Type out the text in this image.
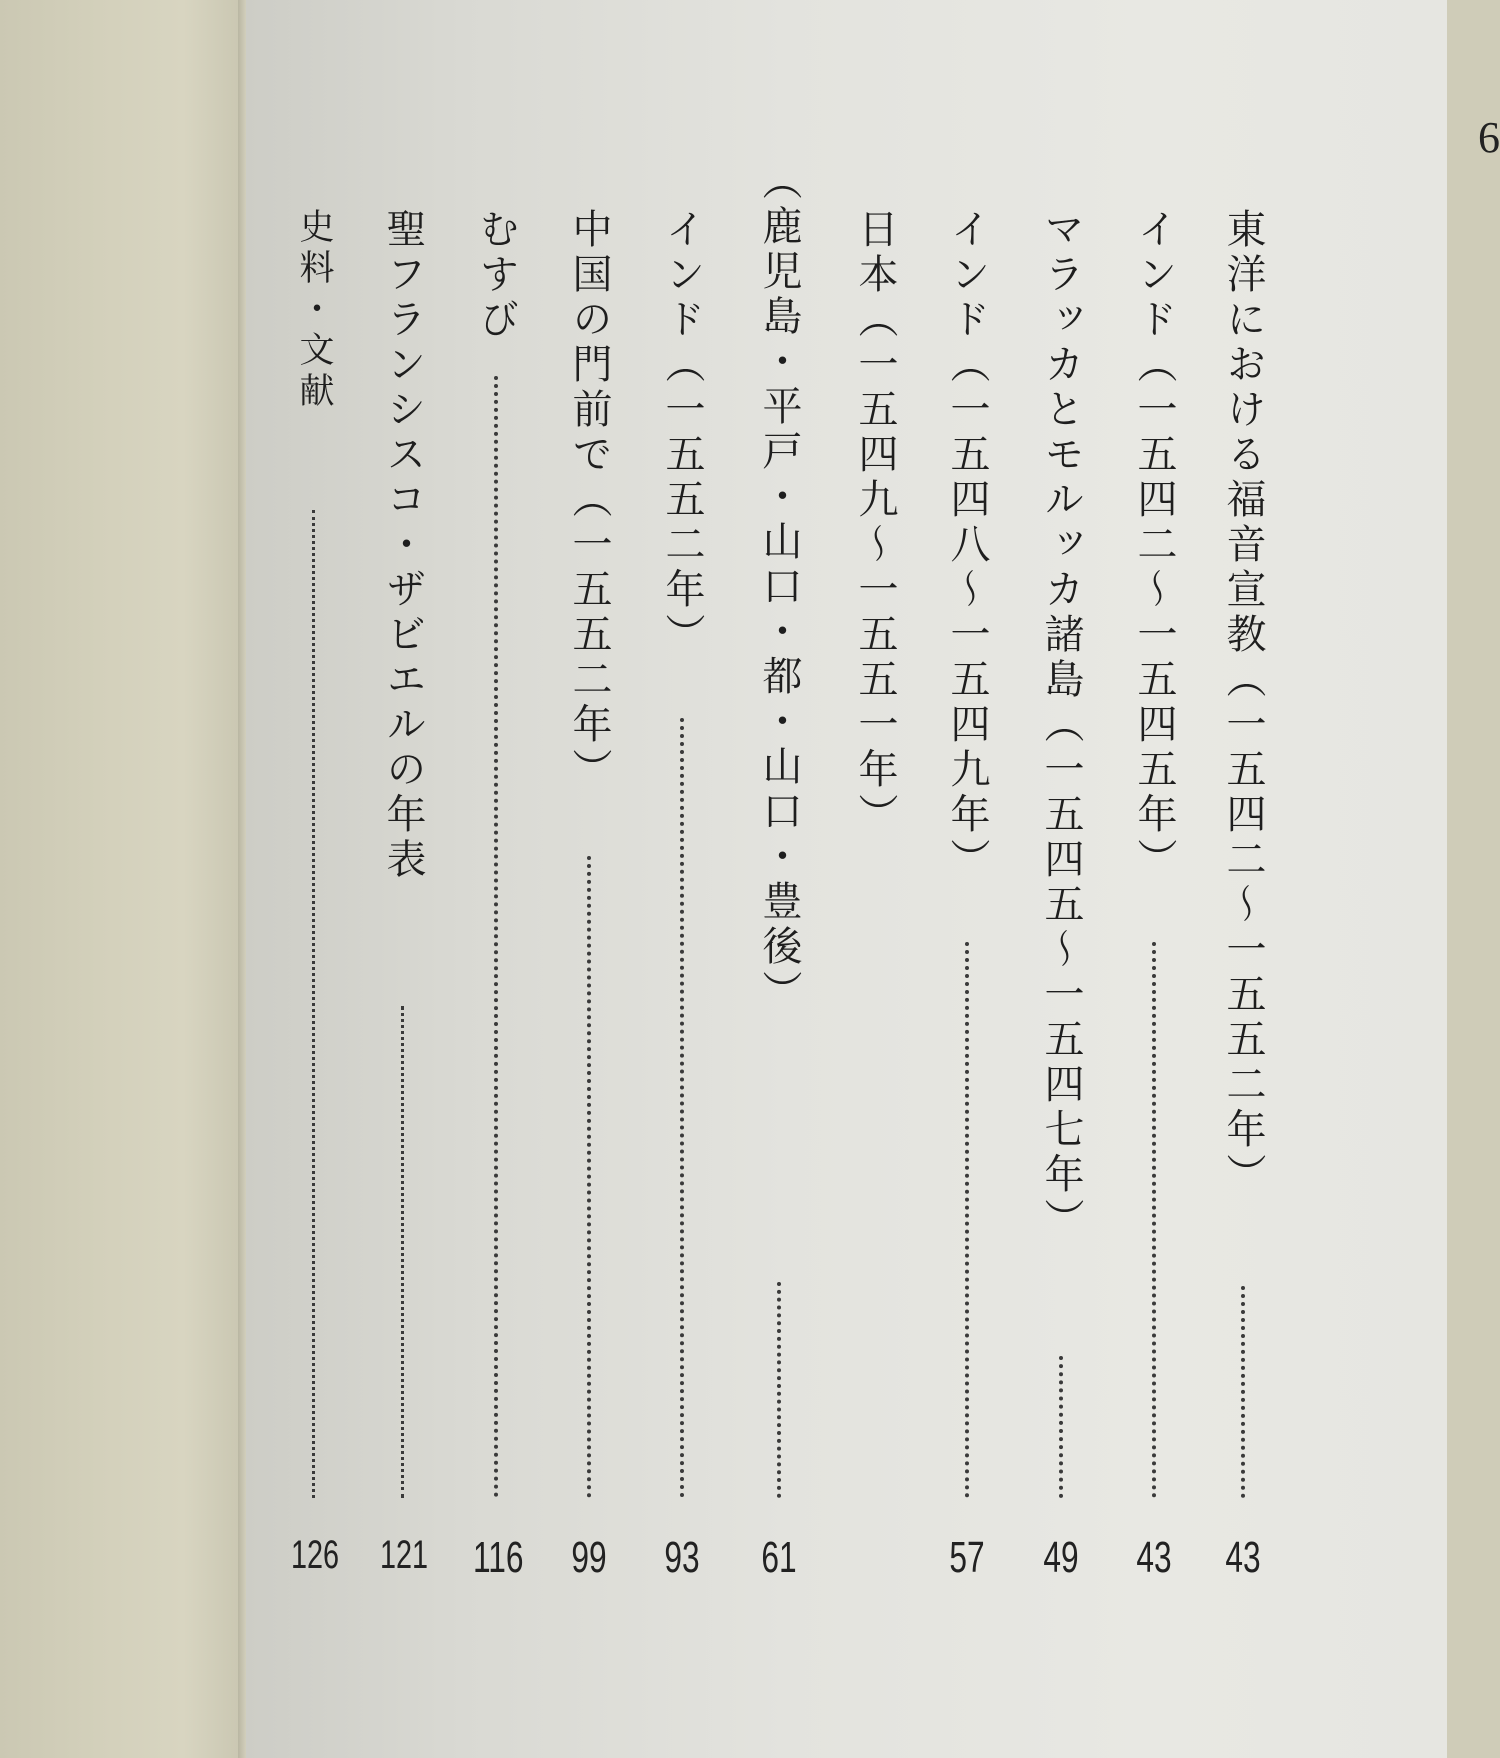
6
東洋における福音宣教（一五四二〜一五五二年）
43
インド（一五四二〜一五四五年）
43
マラッカとモルッカ諸島（一五四五〜一五四七年）
49
インド（一五四八〜一五四九年）
57
日本（一五四九〜一五五一年）
（鹿児島・平戸・山口・都・山口・豊後）
61
インド（一五五二年）
93
中国の門前で（一五五二年）
99
むすび
116
聖フランシスコ・ザビエルの年表
121
史料・文献
126
